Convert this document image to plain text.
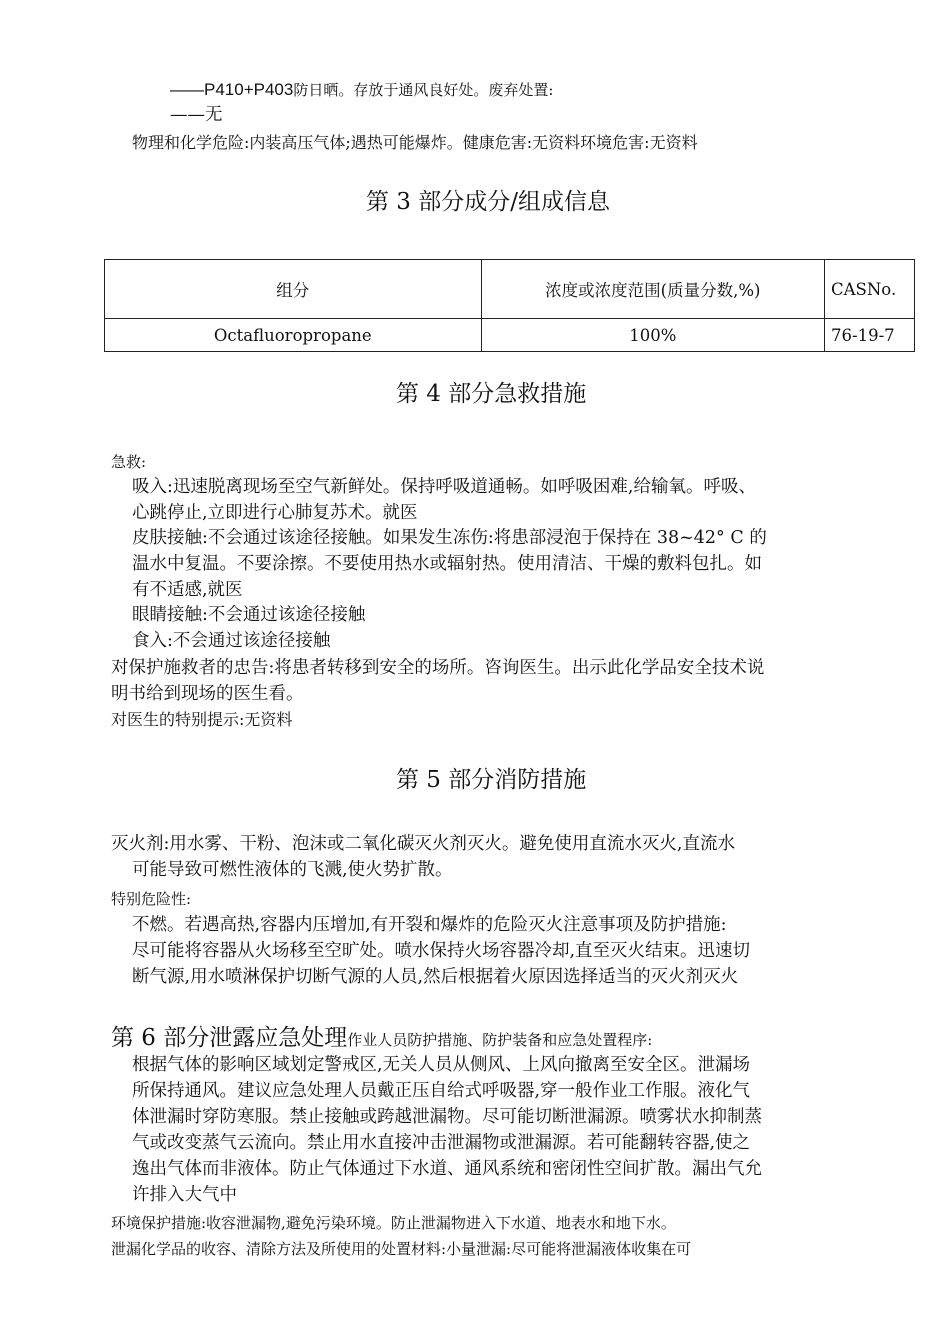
——P410+P403防日晒。存放于通风良好处。废弃处置:
——无
物理和化学危险:内装高压气体;遇热可能爆炸。健康危害:无资料环境危害:无资料
第 3 部分成分/组成信息
组分	浓度或浓度范围(质量分数,%)	CASNo.
Octafluoropropane	100%	76-19-7
第 4 部分急救措施
急救:
吸入:迅速脱离现场至空气新鲜处。保持呼吸道通畅。如呼吸困难,给输氧。呼吸、
心跳停止,立即进行心肺复苏术。就医
皮肤接触:不会通过该途径接触。如果发生冻伤:将患部浸泡于保持在 38~42° C 的
温水中复温。不要涂擦。不要使用热水或辐射热。使用清洁、干燥的敷料包扎。如
有不适感,就医
眼睛接触:不会通过该途径接触
食入:不会通过该途径接触
对保护施救者的忠告:将患者转移到安全的场所。咨询医生。出示此化学品安全技术说
明书给到现场的医生看。
对医生的特别提示:无资料
第 5 部分消防措施
灭火剂:用水雾、干粉、泡沫或二氧化碳灭火剂灭火。避免使用直流水灭火,直流水
可能导致可燃性液体的飞溅,使火势扩散。
特别危险性:
不燃。若遇高热,容器内压增加,有开裂和爆炸的危险灭火注意事项及防护措施:
尽可能将容器从火场移至空旷处。喷水保持火场容器冷却,直至灭火结束。迅速切
断气源,用水喷淋保护切断气源的人员,然后根据着火原因选择适当的灭火剂灭火
第 6 部分泄露应急处理作业人员防护措施、防护装备和应急处置程序:
根据气体的影响区域划定警戒区,无关人员从侧风、上风向撤离至安全区。泄漏场
所保持通风。建议应急处理人员戴正压自给式呼吸器,穿一般作业工作服。液化气
体泄漏时穿防寒服。禁止接触或跨越泄漏物。尽可能切断泄漏源。喷雾状水抑制蒸
气或改变蒸气云流向。禁止用水直接冲击泄漏物或泄漏源。若可能翻转容器,使之
逸出气体而非液体。防止气体通过下水道、通风系统和密闭性空间扩散。漏出气允
许排入大气中
环境保护措施:收容泄漏物,避免污染环境。防止泄漏物进入下水道、地表水和地下水。
泄漏化学品的收容、清除方法及所使用的处置材料:小量泄漏:尽可能将泄漏液体收集在可
